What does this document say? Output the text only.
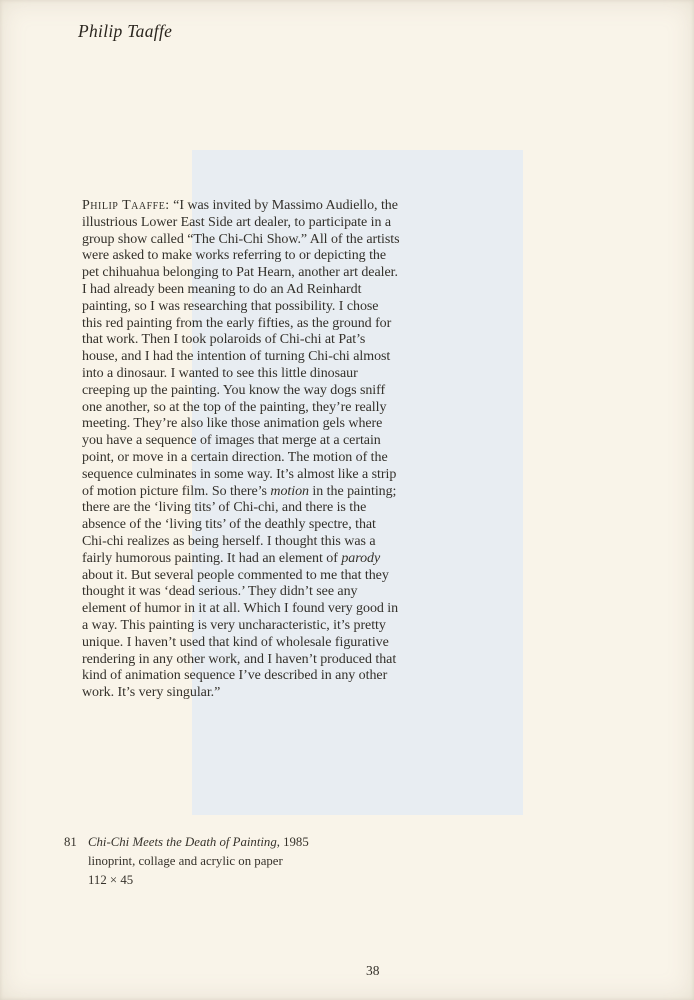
Philip Taaffe

Philip Taaffe: “I was invited by Massimo Audiello, the illustrious Lower East Side art dealer, to participate in a group show called “The Chi-Chi Show.” All of the artists were asked to make works referring to or depicting the pet chihuahua belonging to Pat Hearn, another art dealer. I had already been meaning to do an Ad Reinhardt painting, so I was researching that possibility. I chose this red painting from the early fifties, as the ground for that work. Then I took polaroids of Chi-chi at Pat’s house, and I had the intention of turning Chi-chi almost into a dinosaur. I wanted to see this little dinosaur creeping up the painting. You know the way dogs sniff one another, so at the top of the painting, they’re really meeting. They’re also like those animation gels where you have a sequence of images that merge at a certain point, or move in a certain direction. The motion of the sequence culminates in some way. It’s almost like a strip of motion picture film. So there’s motion in the painting; there are the ‘living tits’ of Chi-chi, and there is the absence of the ‘living tits’ of the deathly spectre, that Chi-chi realizes as being herself. I thought this was a fairly humorous painting. It had an element of parody about it. But several people commented to me that they thought it was ‘dead serious.’ They didn’t see any element of humor in it at all. Which I found very good in a way. This painting is very uncharacteristic, it’s pretty unique. I haven’t used that kind of wholesale figurative rendering in any other work, and I haven’t produced that kind of animation sequence I’ve described in any other work. It’s very singular.”

81 Chi-Chi Meets the Death of Painting, 1985
linoprint, collage and acrylic on paper
112 × 45
38
